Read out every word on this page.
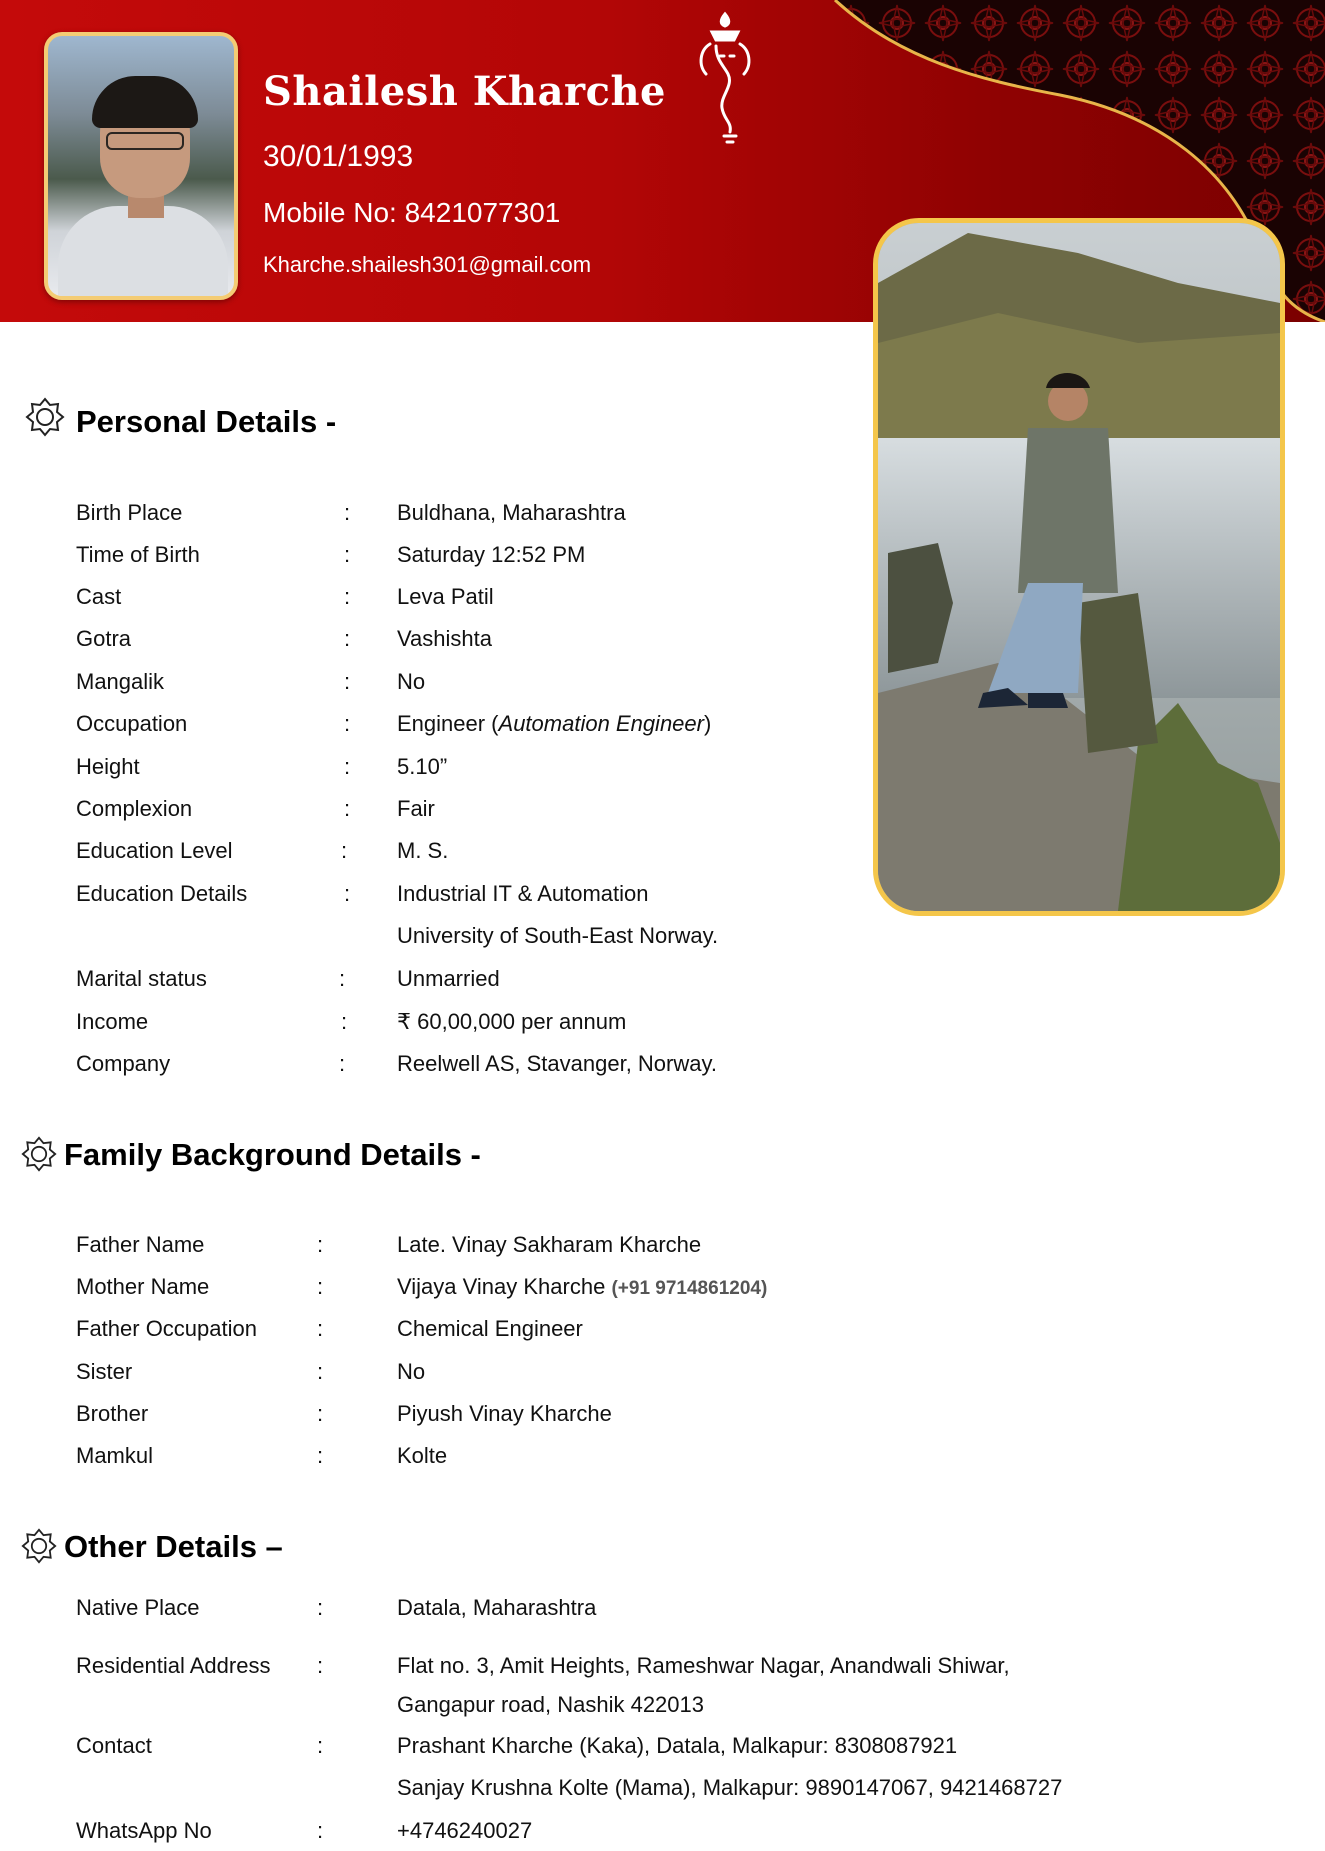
Shailesh Kharche
30/01/1993
Mobile No: 8421077301
Kharche.shailesh301@gmail.com
Personal Details -
Birth Place	: Buldhana, Maharashtra
Time of Birth	: Saturday 12:52 PM
Cast	: Leva Patil
Gotra	: Vashishta
Mangalik	: No
Occupation	: Engineer (Automation Engineer)
Height	: 5.10”
Complexion	: Fair
Education Level	: M. S.
Education Details	: Industrial IT & Automation
University of South-East Norway.
Marital status	: Unmarried
Income	: ₹ 60,00,000 per annum
Company	: Reelwell AS, Stavanger, Norway.
Family Background Details -
Father Name	:	Late. Vinay Sakharam Kharche
Mother Name	:	Vijaya Vinay Kharche (+91 9714861204)
Father Occupation	:	Chemical Engineer
Sister	:	No
Brother	:	Piyush Vinay Kharche
Mamkul	:	Kolte
Other Details –
Native Place	:	Datala, Maharashtra
Residential Address :	Flat no. 3, Amit Heights, Rameshwar Nagar, Anandwali Shiwar,
Gangapur road, Nashik 422013
Contact	:	Prashant Kharche (Kaka), Datala, Malkapur: 8308087921
Sanjay Krushna Kolte (Mama), Malkapur: 9890147067, 9421468727
WhatsApp No	:	+4746240027
